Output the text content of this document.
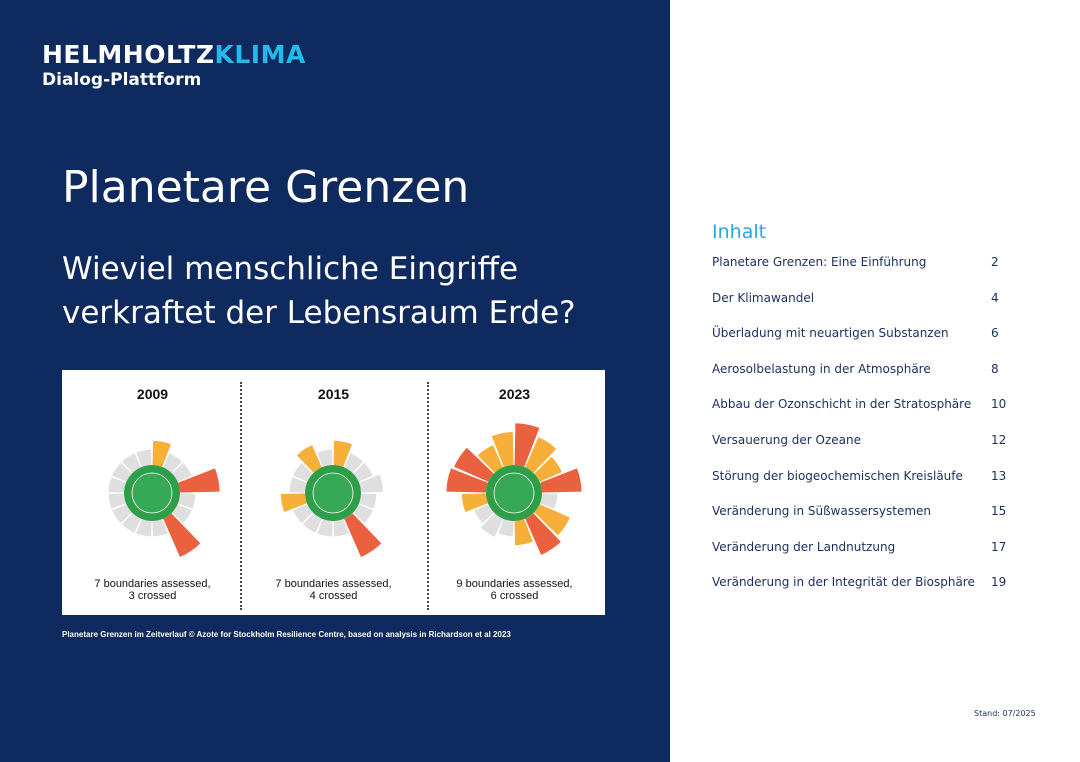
HELMHOLTZKLIMA
Dialog-Plattform
Planetare Grenzen
Wieviel menschliche Eingriffe verkraftet der Lebensraum Erde?
2009
7 boundaries assessed,
3 crossed
2015
7 boundaries assessed,
4 crossed
2023
9 boundaries assessed,
6 crossed
Planetare Grenzen im Zeitverlauf © Azote for Stockholm Resilience Centre, based on analysis in Richardson et al 2023
Inhalt
Planetare Grenzen: Eine Einführung	2
Der Klimawandel	4
Überladung mit neuartigen Substanzen	6
Aerosolbelastung in der Atmosphäre	8
Abbau der Ozonschicht in der Stratosphäre 10
Versauerung der Ozeane	12
Störung der biogeochemischen Kreisläufe 13
Veränderung in Süßwassersystemen	15
Veränderung der Landnutzung	17
Veränderung in der Integrität der Biosphäre 19
Stand: 07/2025
